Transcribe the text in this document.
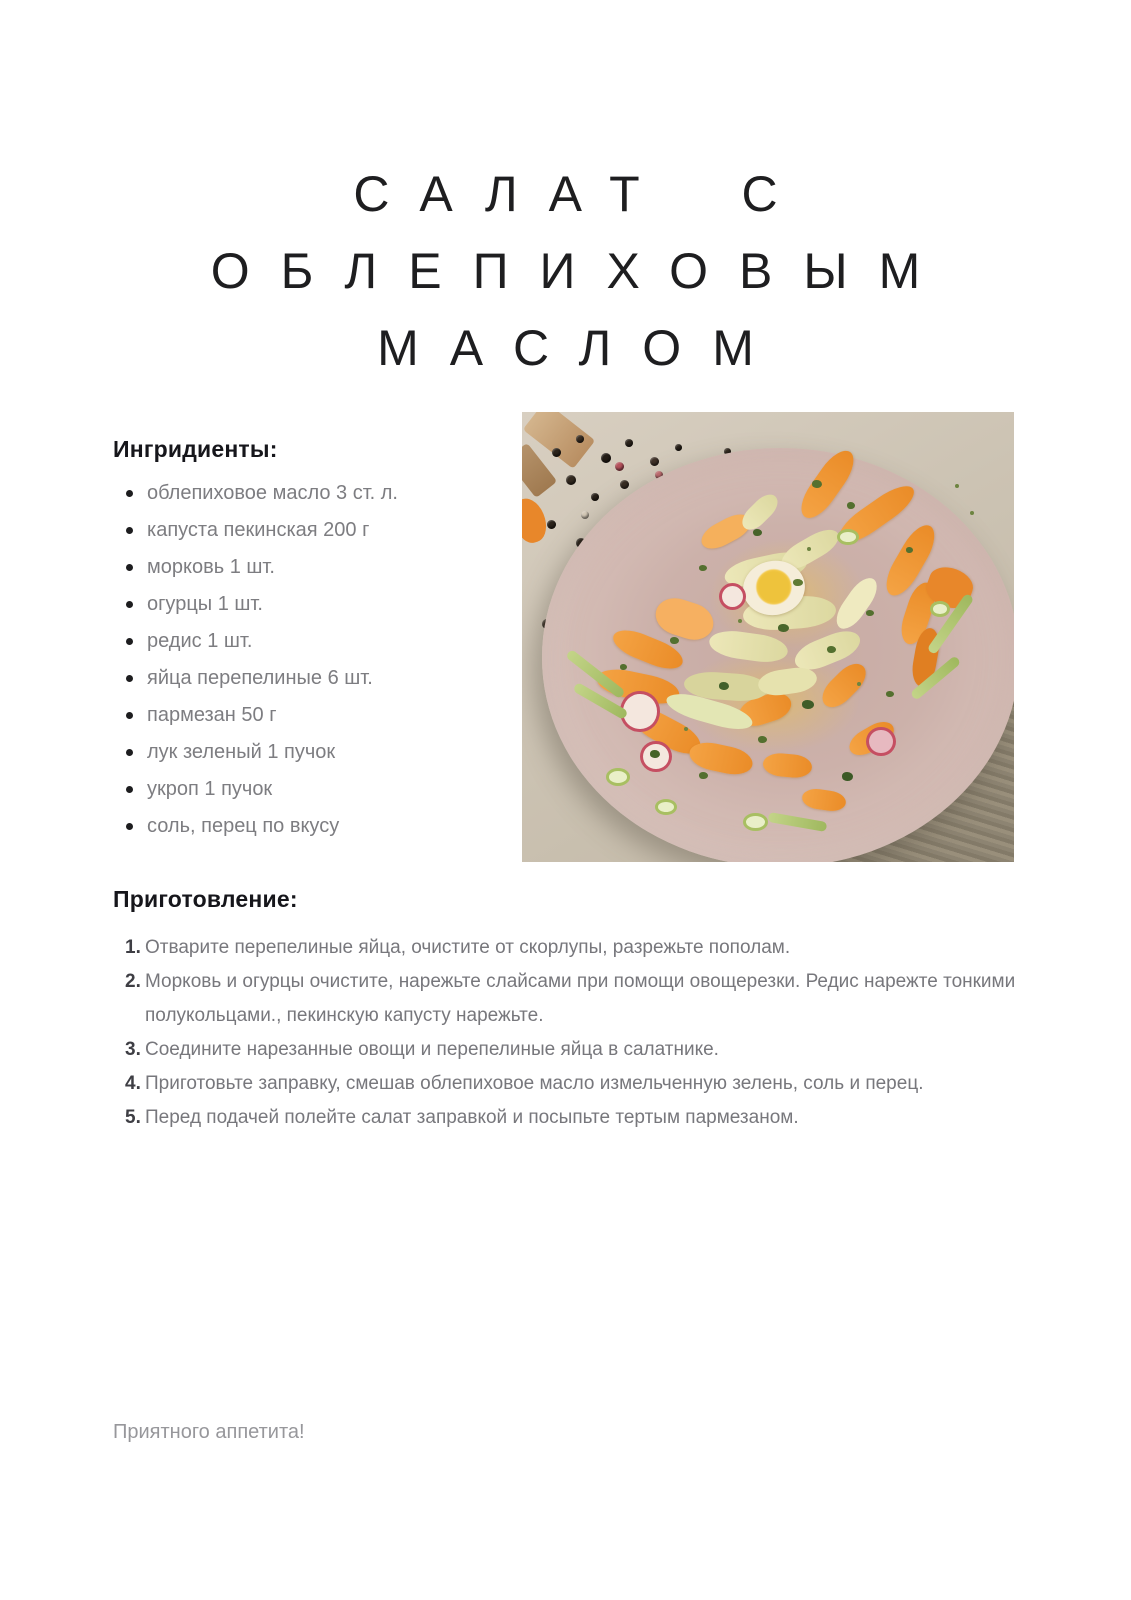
САЛАТ С
ОБЛЕПИХОВЫМ
МАСЛОМ
Ингридиенты:
облепиховое масло 3 ст. л.
капуста пекинская 200 г
морковь 1 шт.
огурцы 1 шт.
редис 1 шт.
яйца перепелиные 6 шт.
пармезан 50 г
лук зеленый 1 пучок
укроп 1 пучок
соль, перец по вкусу
Приготовление:
1. Отварите перепелиные яйца, очистите от скорлупы, разрежьте пополам.
2. Морковь и огурцы очистите, нарежьте слайсами при помощи овощерезки. Редис нарежте тонкими полукольцами., пекинскую капусту нарежьте.
3. Соедините нарезанные овощи и перепелиные яйца в салатнике.
4. Приготовьте заправку, смешав облепиховое масло измельченную зелень, соль и перец.
5. Перед подачей полейте салат заправкой и посыпьте тертым пармезаном.
Приятного аппетита!
